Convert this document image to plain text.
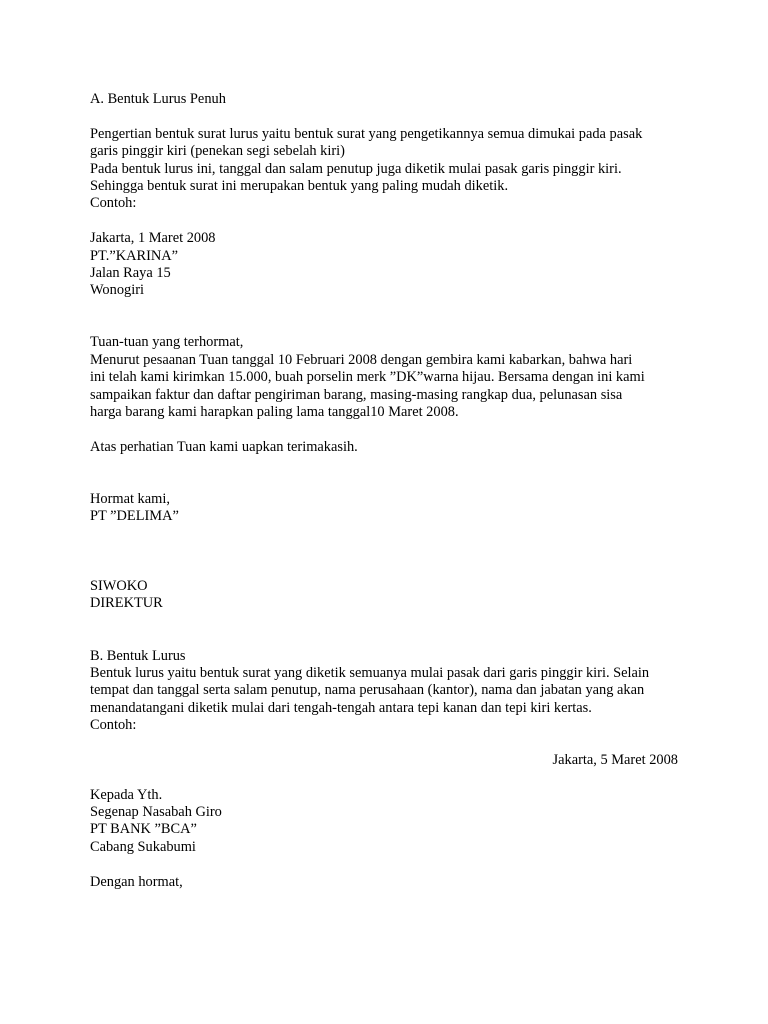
A. Bentuk Lurus Penuh
Pengertian bentuk surat lurus yaitu bentuk surat yang pengetikannya semua dimukai pada pasak
garis pinggir kiri (penekan segi sebelah kiri)
Pada bentuk lurus ini, tanggal dan salam penutup juga diketik mulai pasak garis pinggir kiri.
Sehingga bentuk surat ini merupakan bentuk yang paling mudah diketik.
Contoh:
Jakarta, 1 Maret 2008
PT.”KARINA”
Jalan Raya 15
Wonogiri
Tuan-tuan yang terhormat,
Menurut pesaanan Tuan tanggal 10 Februari 2008 dengan gembira kami kabarkan, bahwa hari
ini telah kami kirimkan 15.000, buah porselin merk ”DK”warna hijau. Bersama dengan ini kami
sampaikan faktur dan daftar pengiriman barang, masing-masing rangkap dua, pelunasan sisa
harga barang kami harapkan paling lama tanggal10 Maret 2008.
Atas perhatian Tuan kami uapkan terimakasih.
Hormat kami,
PT ”DELIMA”
SIWOKO
DIREKTUR
B. Bentuk Lurus
Bentuk lurus yaitu bentuk surat yang diketik semuanya mulai pasak dari garis pinggir kiri. Selain
tempat dan tanggal serta salam penutup, nama perusahaan (kantor), nama dan jabatan yang akan
menandatangani diketik mulai dari tengah-tengah antara tepi kanan dan tepi kiri kertas.
Contoh:
Jakarta, 5 Maret 2008
Kepada Yth.
Segenap Nasabah Giro
PT BANK ”BCA”
Cabang Sukabumi
Dengan hormat,
